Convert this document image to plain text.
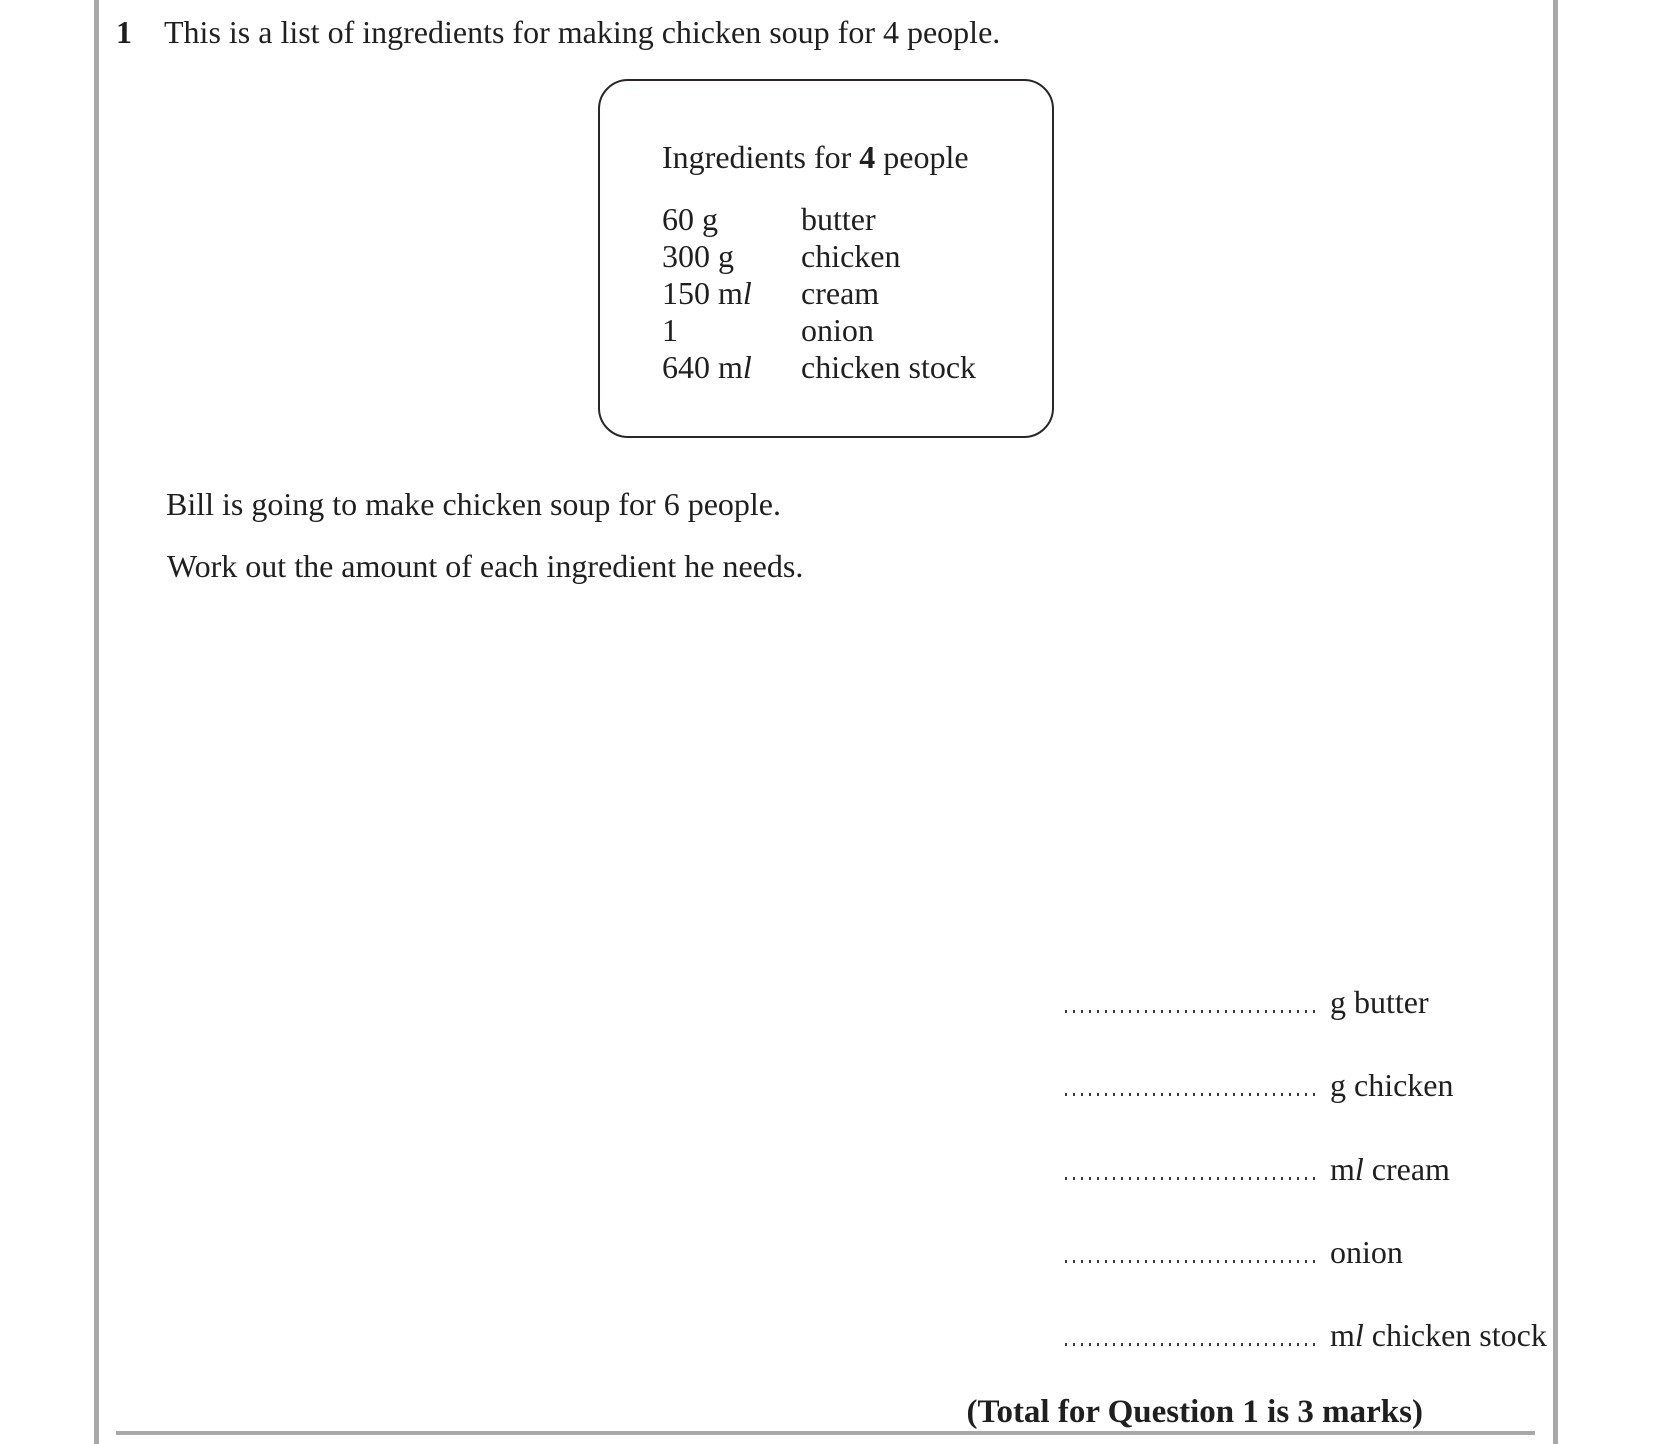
1 This is a list of ingredients for making chicken soup for 4 people.
Ingredients for 4 people
60 g	butter
300 g	chicken
150 ml	cream
1	onion
640 ml	chicken stock
Bill is going to make chicken soup for 6 people.
Work out the amount of each ingredient he needs.
g butter
g chicken
ml cream
onion
ml chicken stock
(Total for Question 1 is 3 marks)
